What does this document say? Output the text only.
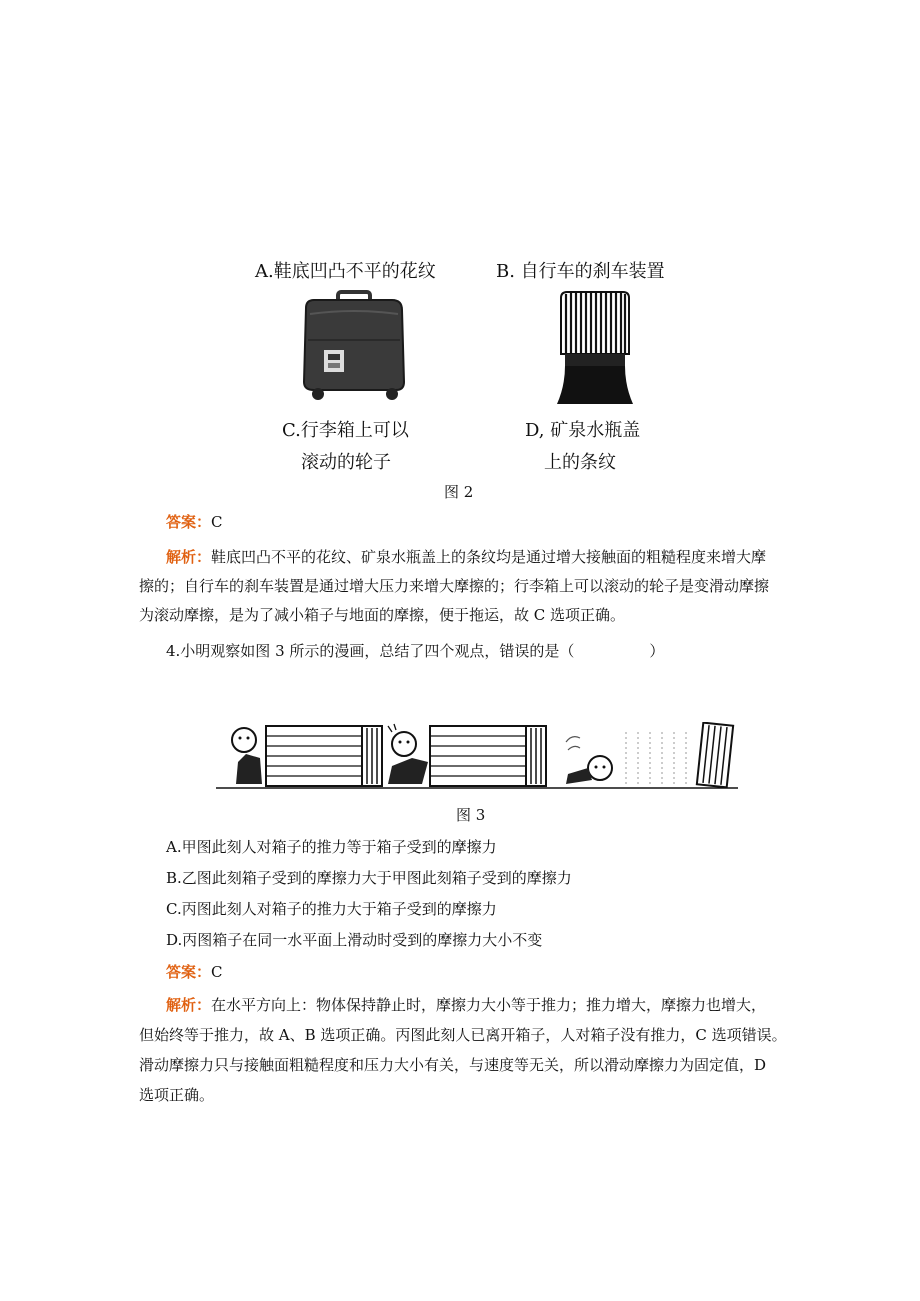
A.鞋底凹凸不平的花纹	B. 自行车的刹车装置
C.行李箱上可以	D, 矿泉水瓶盖
滚动的轮子	上的条纹
图 2
答案：C
解析：鞋底凹凸不平的花纹、矿泉水瓶盖上的条纹均是通过增大接触面的粗糙程度来增大摩
擦的；自行车的刹车装置是通过增大压力来增大摩擦的；行李箱上可以滚动的轮子是变滑动摩擦
为滚动摩擦，是为了减小箱子与地面的摩擦，便于拖运，故 C 选项正确。
4.小明观察如图 3 所示的漫画，总结了四个观点，错误的是（　　　　　）
图 3
A.甲图此刻人对箱子的推力等于箱子受到的摩擦力
B.乙图此刻箱子受到的摩擦力大于甲图此刻箱子受到的摩擦力
C.丙图此刻人对箱子的推力大于箱子受到的摩擦力
D.丙图箱子在同一水平面上滑动时受到的摩擦力大小不变
答案：C
解析：在水平方向上：物体保持静止时，摩擦力大小等于推力；推力增大，摩擦力也增大，
但始终等于推力，故 A、B 选项正确。丙图此刻人已离开箱子，人对箱子没有推力，C 选项错误。
滑动摩擦力只与接触面粗糙程度和压力大小有关，与速度等无关，所以滑动摩擦力为固定值，D
选项正确。
